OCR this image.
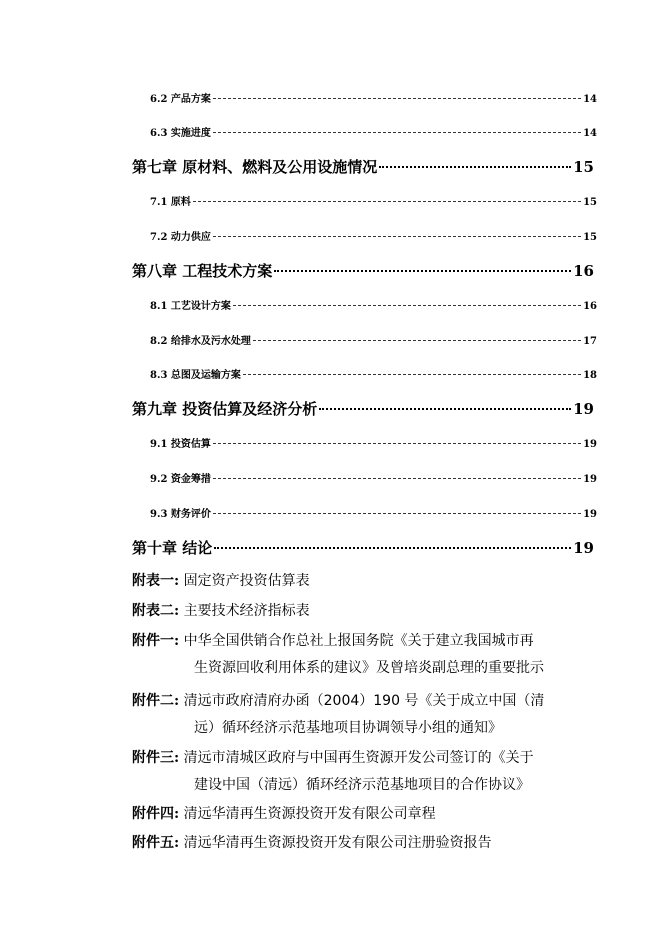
6.2 产品方案	14
6.3 实施进度	14
第七章 原材料、燃料及公用设施情况	15
7.1 原料	15
7.2 动力供应	15
第八章 工程技术方案	16
8.1 工艺设计方案	16
8.2 给排水及污水处理	17
8.3 总图及运输方案	18
第九章 投资估算及经济分析	19
9.1 投资估算	19
9.2 资金筹措	19
9.3 财务评价	19
第十章 结论	19
附表一: 固定资产投资估算表
附表二: 主要技术经济指标表
附件一: 中华全国供销合作总社上报国务院《关于建立我国城市再
生资源回收利用体系的建议》及曾培炎副总理的重要批示
附件二: 清远市政府清府办函（2004）190 号《关于成立中国（清
远）循环经济示范基地项目协调领导小组的通知》
附件三: 清远市清城区政府与中国再生资源开发公司签订的《关于
建设中国（清远）循环经济示范基地项目的合作协议》
附件四: 清远华清再生资源投资开发有限公司章程
附件五: 清远华清再生资源投资开发有限公司注册验资报告
